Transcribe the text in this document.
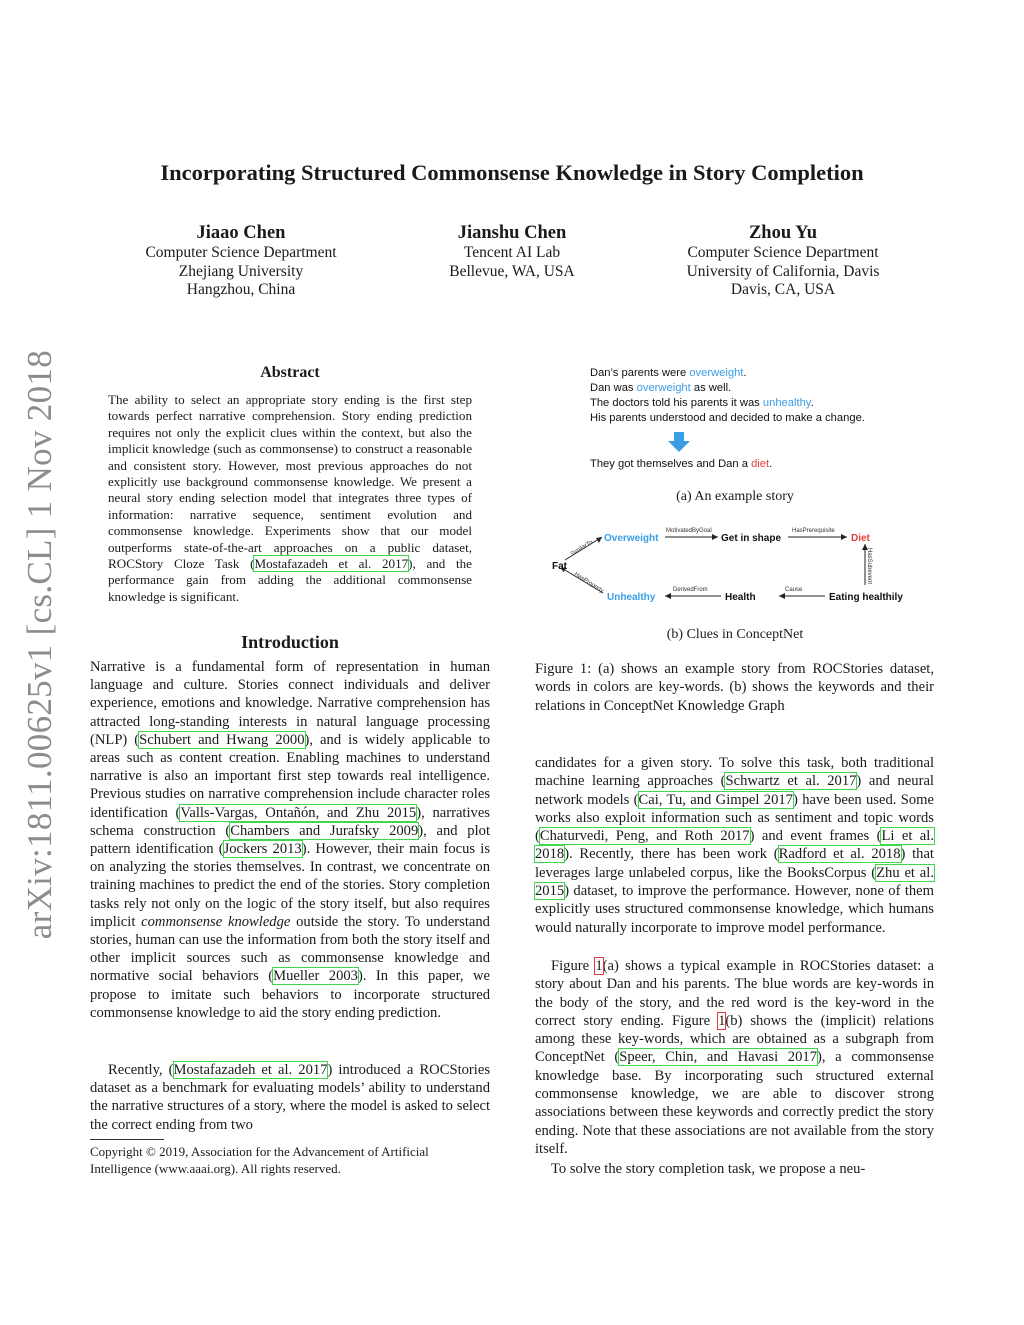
arXiv:1811.00625v1 [cs.CL] 1 Nov 2018
Incorporating Structured Commonsense Knowledge in Story Completion
Jiaao Chen
Computer Science Department
Zhejiang University
Hangzhou, China
Jianshu Chen
Tencent AI Lab
Bellevue, WA, USA
Zhou Yu
Computer Science Department
University of California, Davis
Davis, CA, USA
Abstract

The ability to select an appropriate story ending is the first step towards perfect narrative comprehension. Story ending prediction requires not only the explicit clues within the context, but also the implicit knowledge (such as commonsense) to construct a reasonable and consistent story. However, most previous approaches do not explicitly use background commonsense knowledge. We present a neural story ending selection model that integrates three types of information: narrative sequence, sentiment evolution and commonsense knowledge. Experiments show that our model outperforms state-of-the-art approaches on a public dataset, ROCStory Cloze Task (Mostafazadeh et al. 2017), and the performance gain from adding the additional commonsense knowledge is significant.

Introduction

Narrative is a fundamental form of representation in human language and culture. Stories connect individuals and deliver experience, emotions and knowledge. Narrative comprehension has attracted long-standing interests in natural language processing (NLP) (Schubert and Hwang 2000), and is widely applicable to areas such as content creation. Enabling machines to understand narrative is also an important first step towards real intelligence. Previous studies on narrative comprehension include character roles identification (Valls-Vargas, Ontañón, and Zhu 2015), narratives schema construction (Chambers and Jurafsky 2009), and plot pattern identification (Jockers 2013). However, their main focus is on analyzing the stories themselves. In contrast, we concentrate on training machines to predict the end of the stories. Story completion tasks rely not only on the logic of the story itself, but also requires implicit commonsense knowledge outside the story. To understand stories, human can use the information from both the story itself and other implicit sources such as commonsense knowledge and normative social behaviors (Mueller 2003). In this paper, we propose to imitate such behaviors to incorporate structured commonsense knowledge to aid the story ending prediction.

Recently, (Mostafazadeh et al. 2017) introduced a ROCStories dataset as a benchmark for evaluating models’ ability to understand the narrative structures of a story, where the model is asked to select the correct ending from two

Copyright © 2019, Association for the Advancement of Artificial Intelligence (www.aaai.org). All rights reserved.

Dan’s parents were overweight.
Dan was overweight as well.
The doctors told his parents it was unhealthy.
His parents understood and decided to make a change.
They got themselves and Dan a diet.
(a) An example story
Fat
Overweight	Get in shape	Diet
Unhealthy	Health	Eating healthily
SimilarTo
HasProperty
MotivatedByGoal	HasPrerequisite
HasSubevent
Cause
DerivedFrom
(b) Clues in ConceptNet

Figure 1: (a) shows an example story from ROCStories dataset, words in colors are key-words. (b) shows the keywords and their relations in ConceptNet Knowledge Graph

candidates for a given story. To solve this task, both traditional machine learning approaches (Schwartz et al. 2017) and neural network models (Cai, Tu, and Gimpel 2017) have been used. Some works also exploit information such as sentiment and topic words (Chaturvedi, Peng, and Roth 2017) and event frames (Li et al. 2018). Recently, there has been work (Radford et al. 2018) that leverages large unlabeled corpus, like the BooksCorpus (Zhu et al. 2015) dataset, to improve the performance. However, none of them explicitly uses structured commonsense knowledge, which humans would naturally incorporate to improve model performance.

Figure 1(a) shows a typical example in ROCStories dataset: a story about Dan and his parents. The blue words are key-words in the body of the story, and the red word is the key-word in the correct story ending. Figure 1(b) shows the (implicit) relations among these key-words, which are obtained as a subgraph from ConceptNet (Speer, Chin, and Havasi 2017), a commonsense knowledge base. By incorporating such structured external commonsense knowledge, we are able to discover strong associations between these keywords and correctly predict the story ending. Note that these associations are not available from the story itself.

To solve the story completion task, we propose a neu-
